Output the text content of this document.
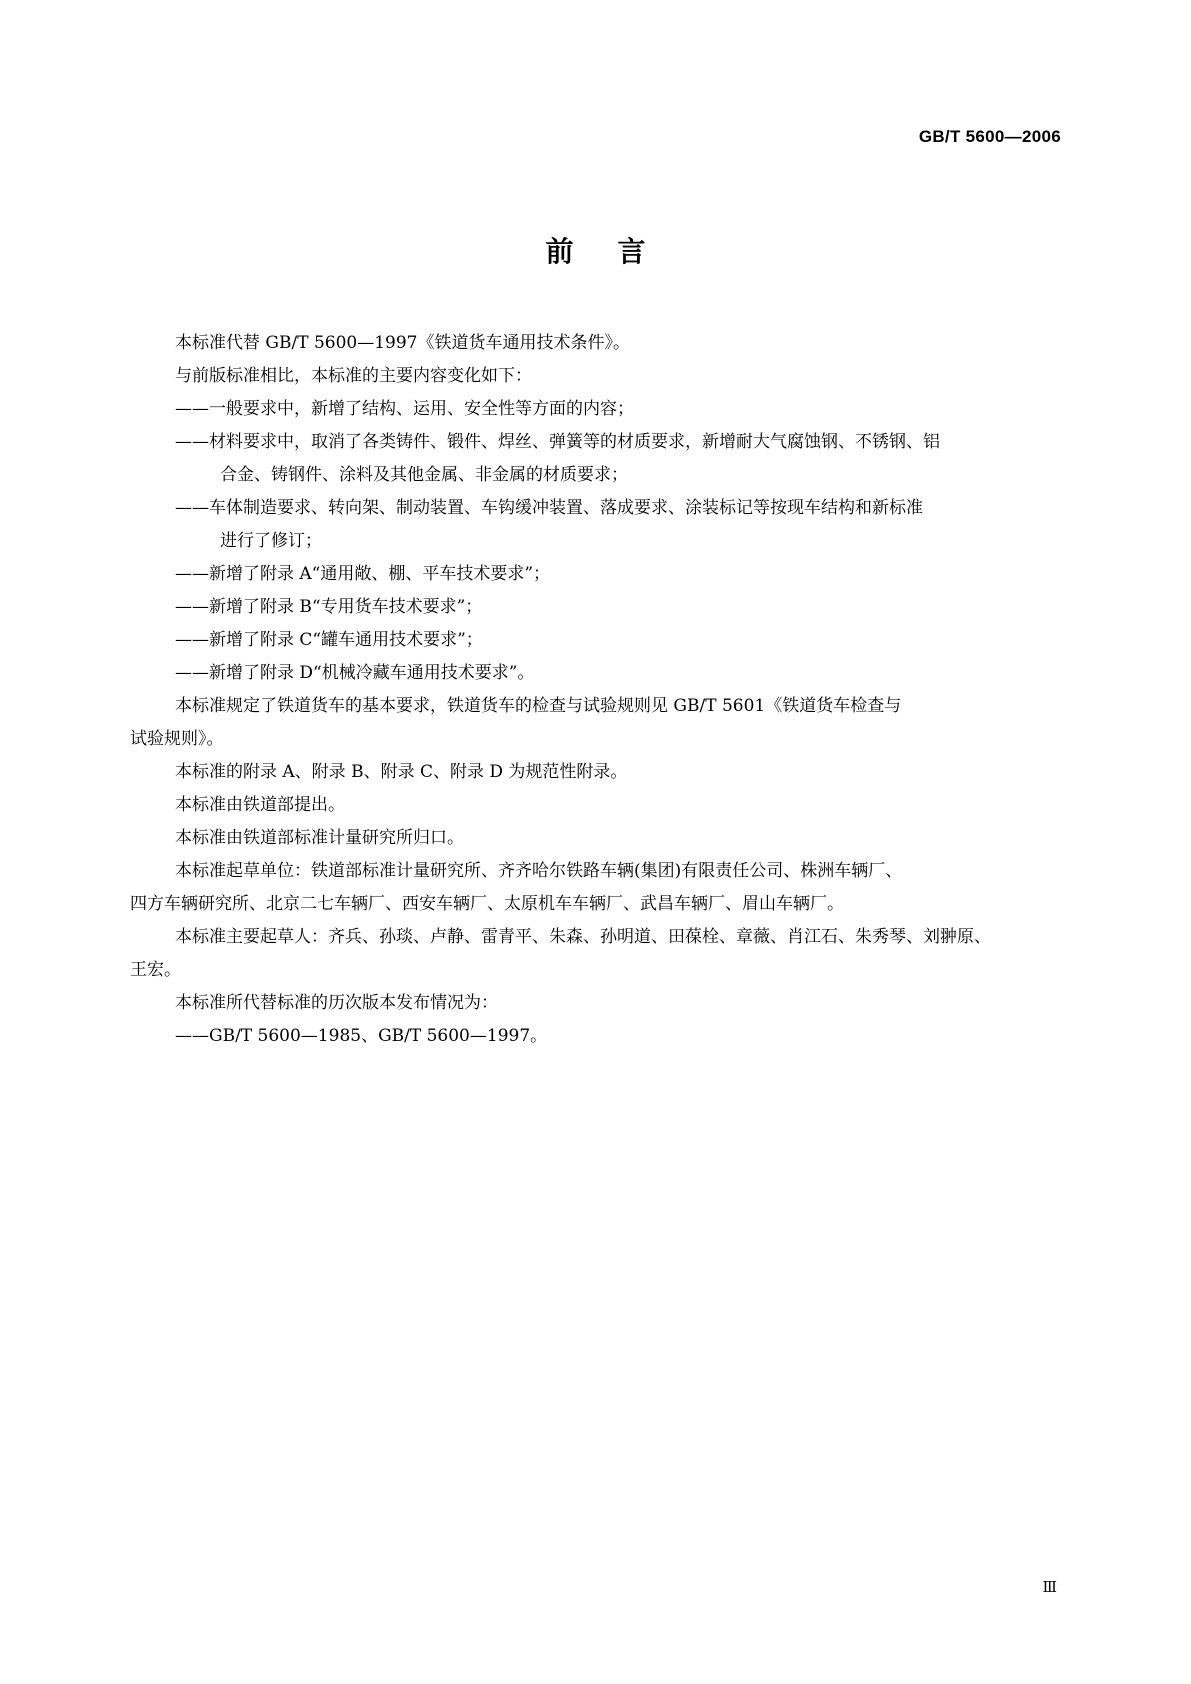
GB/T 5600—2006
前言
本标准代替 GB/T 5600—1997《铁道货车通用技术条件》。
与前版标准相比，本标准的主要内容变化如下：
——一般要求中，新增了结构、运用、安全性等方面的内容；
——材料要求中，取消了各类铸件、锻件、焊丝、弹簧等的材质要求，新增耐大气腐蚀钢、不锈钢、铝
合金、铸钢件、涂料及其他金属、非金属的材质要求；
——车体制造要求、转向架、制动装置、车钩缓冲装置、落成要求、涂装标记等按现车结构和新标准
进行了修订；
——新增了附录 A“通用敞、棚、平车技术要求”；
——新增了附录 B“专用货车技术要求”；
——新增了附录 C“罐车通用技术要求”；
——新增了附录 D“机械冷藏车通用技术要求”。
本标准规定了铁道货车的基本要求，铁道货车的检查与试验规则见 GB/T 5601《铁道货车检查与
试验规则》。
本标准的附录 A、附录 B、附录 C、附录 D 为规范性附录。
本标准由铁道部提出。
本标准由铁道部标准计量研究所归口。
本标准起草单位：铁道部标准计量研究所、齐齐哈尔铁路车辆(集团)有限责任公司、株洲车辆厂、
四方车辆研究所、北京二七车辆厂、西安车辆厂、太原机车车辆厂、武昌车辆厂、眉山车辆厂。
本标准主要起草人：齐兵、孙琰、卢静、雷青平、朱森、孙明道、田葆栓、章薇、肖江石、朱秀琴、刘翀原、
王宏。
本标准所代替标准的历次版本发布情况为：
——GB/T 5600—1985、GB/T 5600—1997。
Ⅲ
